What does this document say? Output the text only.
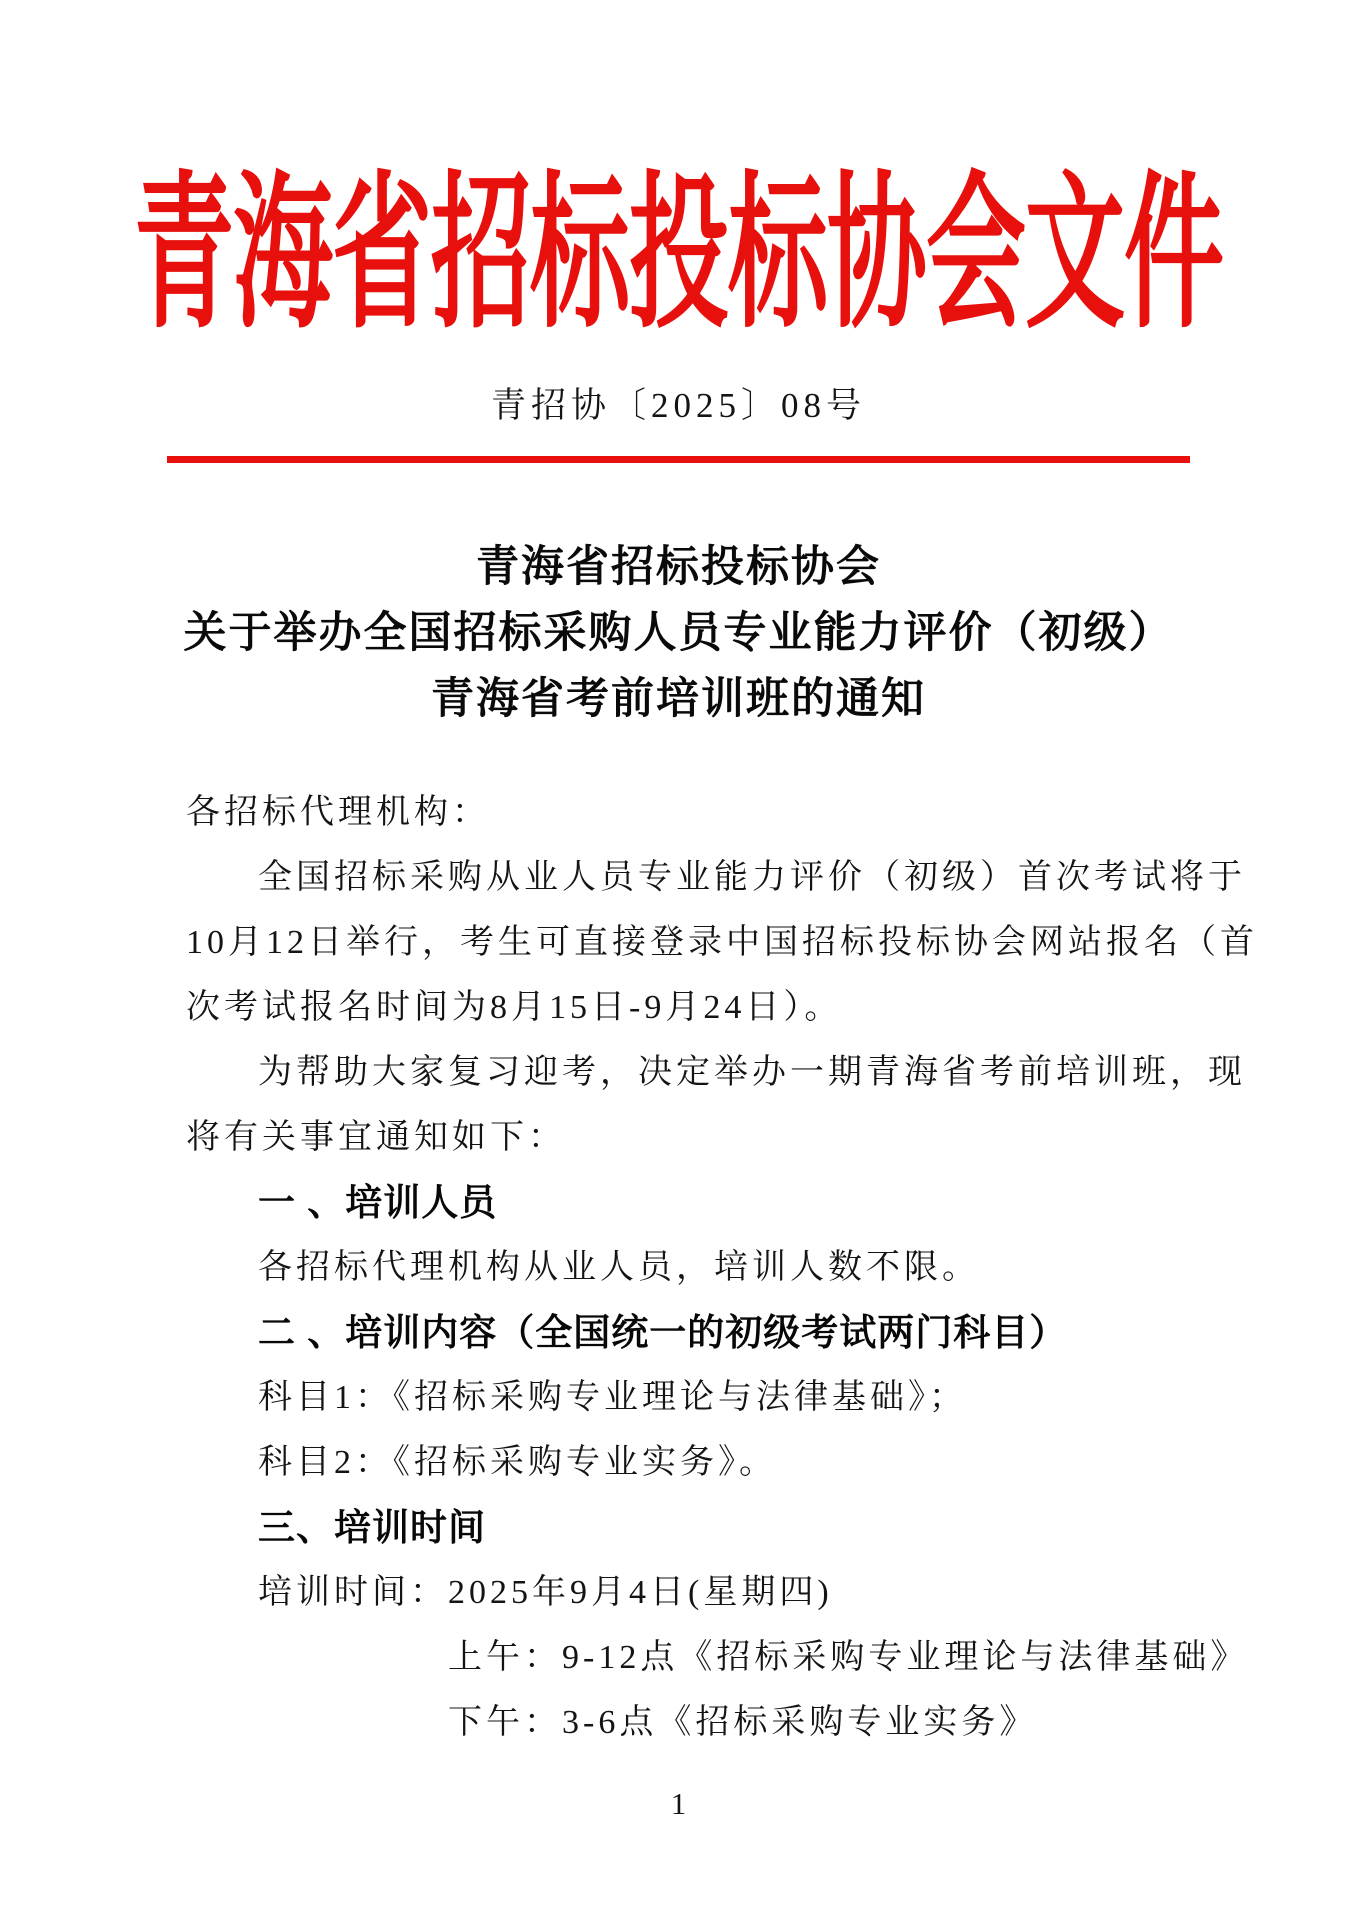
青海省招标投标协会文件
青招协〔2025〕08号
青海省招标投标协会
关于举办全国招标采购人员专业能力评价（初级）
青海省考前培训班的通知
各招标代理机构：
全国招标采购从业人员专业能力评价（初级）首次考试将于
10月12日举行，考生可直接登录中国招标投标协会网站报名（首
次考试报名时间为8月15日-9月24日）。
为帮助大家复习迎考，决定举办一期青海省考前培训班，现
将有关事宜通知如下：
一 、培训人员
各招标代理机构从业人员，培训人数不限。
二 、培训内容（全国统一的初级考试两门科目）
科目1：《招标采购专业理论与法律基础》；
科目2：《招标采购专业实务》。
三、培训时间
培训时间：2025年9月4日(星期四)
上午：9-12点《招标采购专业理论与法律基础》
下午：3-6点《招标采购专业实务》
1
